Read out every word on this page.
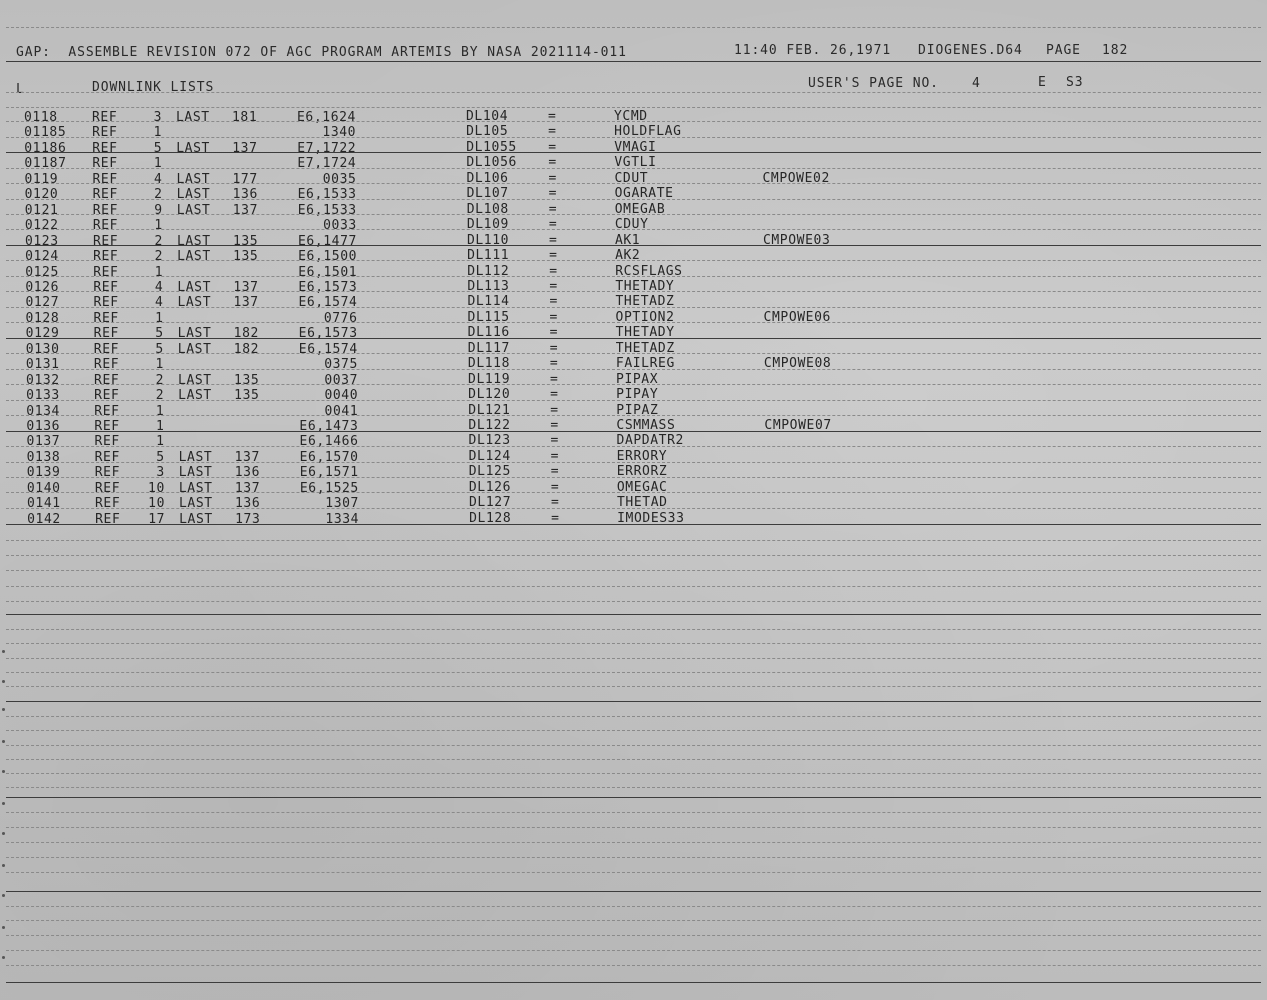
GAP:  ASSEMBLE REVISION 072 OF AGC PROGRAM ARTEMIS BY NASA 2021114-011	11:40 FEB. 26,1971 DIOGENES.D64 PAGE 182
L	DOWNLINK LISTS	USER'S PAGE NO.	4	E S3
0118	REF	3 LAST	181	E6,1624	DL104	=	YCMD
01185	REF	1	1340	DL105	=	HOLDFLAG
01186	REF	5 LAST	137	E7,1722	DL1055	=	VMAGI
01187	REF	1	E7,1724	DL1056	=	VGTLI
0119	REF	4 LAST	177	0035	DL106	=	CDUT	CMPOWE02
0120	REF	2 LAST	136	E6,1533	DL107	=	OGARATE
0121	REF	9 LAST	137	E6,1533	DL108	=	OMEGAB
0122	REF	1	0033	DL109	=	CDUY
0123	REF	2 LAST	135	E6,1477	DL110	=	AK1	CMPOWE03
0124	REF	2 LAST	135	E6,1500	DL111	=	AK2
0125	REF	1	E6,1501	DL112	=	RCSFLAGS
0126	REF	4 LAST	137	E6,1573	DL113	=	THETADY
0127	REF	4 LAST	137	E6,1574	DL114	=	THETADZ
0128	REF	1	0776	DL115	=	OPTION2	CMPOWE06
0129	REF	5 LAST	182	E6,1573	DL116	=	THETADY
0130	REF	5 LAST	182	E6,1574	DL117	=	THETADZ
0131	REF	1	0375	DL118	=	FAILREG	CMPOWE08
0132	REF	2 LAST	135	0037	DL119	=	PIPAX
0133	REF	2 LAST	135	0040	DL120	=	PIPAY
0134	REF	1	0041	DL121	=	PIPAZ
0136	REF	1	E6,1473	DL122	=	CSMMASS	CMPOWE07
0137	REF	1	E6,1466	DL123	=	DAPDATR2
0138	REF	5 LAST	137	E6,1570	DL124	=	ERRORY
0139	REF	3 LAST	136	E6,1571	DL125	=	ERRORZ
0140	REF	10 LAST	137	E6,1525	DL126	=	OMEGAC
0141	REF	10 LAST	136	1307	DL127	=	THETAD
0142	REF	17 LAST	173	1334	DL128	=	IMODES33
